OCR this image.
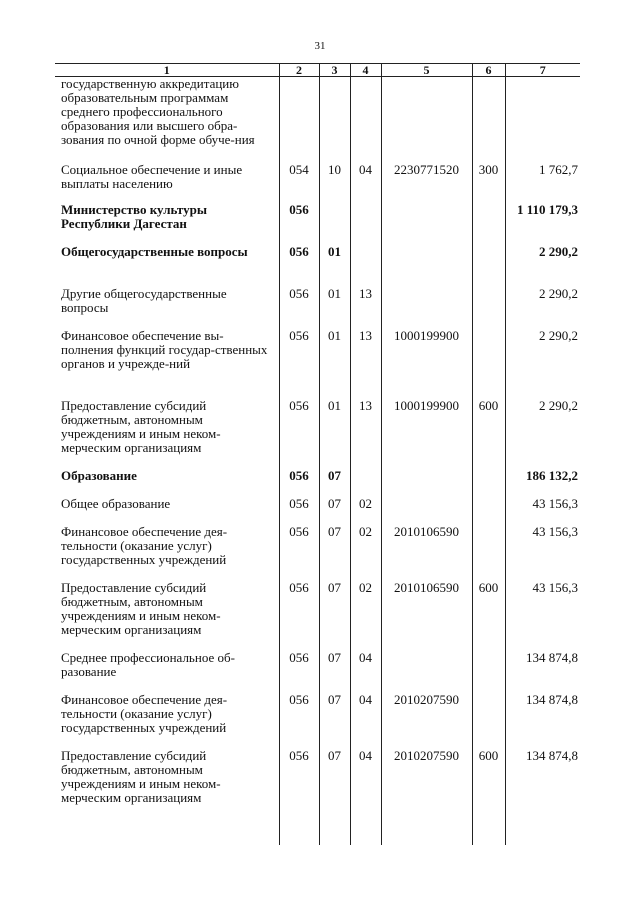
31
1	2	3	4	5	6	7
государственную аккредитацию образовательным программам среднего профессионального образования или высшего обра-зования по очной форме обуче-ния						
Социальное обеспечение и иные выплаты населению	054	10	04	2230771520	300	1 762,7
Министерство культуры Республики Дагестан	056					1 110 179,3
Общегосударственные вопросы	056	01				2 290,2
Другие общегосударственные вопросы	056	01	13			2 290,2
Финансовое обеспечение вы-полнения функций государ-ственных органов и учрежде-ний	056	01	13	1000199900		2 290,2
Предоставление субсидий бюджетным, автономным учреждениям и иным неком-мерческим организациям	056	01	13	1000199900	600	2 290,2
Образование	056	07				186 132,2
Общее образование	056	07	02			43 156,3
Финансовое обеспечение дея-тельности (оказание услуг) государственных учреждений	056	07	02	2010106590		43 156,3
Предоставление субсидий бюджетным, автономным учреждениям и иным неком-мерческим организациям	056	07	02	2010106590	600	43 156,3
Среднее профессиональное об-разование	056	07	04			134 874,8
Финансовое обеспечение дея-тельности (оказание услуг) государственных учреждений	056	07	04	2010207590		134 874,8
Предоставление субсидий бюджетным, автономным учреждениям и иным неком-мерческим организациям	056	07	04	2010207590	600	134 874,8
